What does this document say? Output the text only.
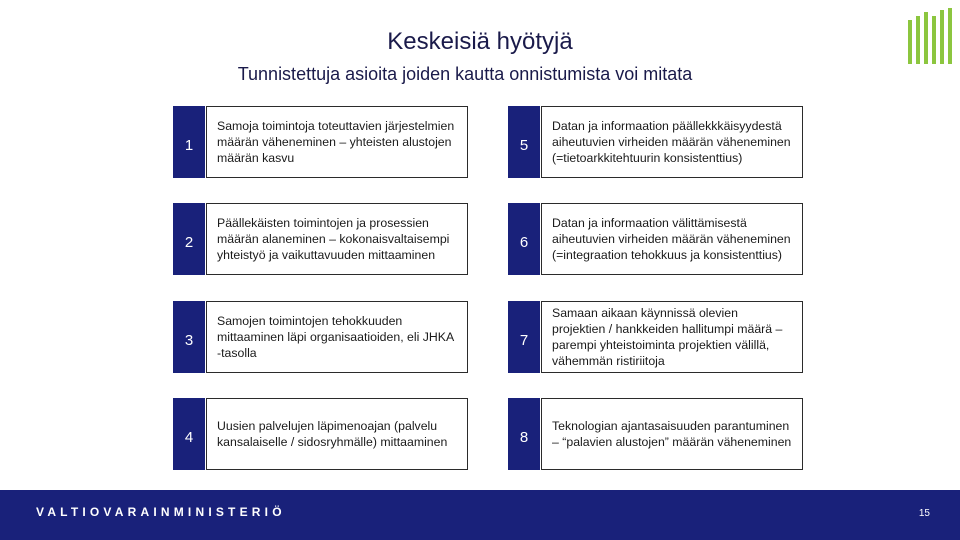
Keskeisiä hyötyjä
Tunnistettuja asioita joiden kautta onnistumista voi mitata
1
Samoja toimintoja toteuttavien järjestelmien määrän väheneminen – yhteisten alustojen määrän kasvu
2
Päällekäisten toimintojen ja prosessien määrän alaneminen – kokonaisvaltaisempi yhteistyö ja vaikuttavuuden mittaaminen
3
Samojen toimintojen tehokkuuden mittaaminen läpi organisaatioiden, eli JHKA -tasolla
4
Uusien palvelujen läpimenoajan (palvelu kansalaiselle / sidosryhmälle) mittaaminen
5
Datan ja informaation päällekkkäisyydestä aiheutuvien virheiden määrän väheneminen (=tietoarkkitehtuurin konsistenttius)
6
Datan ja informaation välittämisestä aiheutuvien virheiden määrän väheneminen (=integraation tehokkuus ja konsistenttius)
7
Samaan aikaan käynnissä olevien projektien / hankkeiden hallitumpi määrä – parempi yhteistoiminta projektien välillä, vähemmän ristiriitoja
8
Teknologian ajantasaisuuden parantuminen – “palavien alustojen” määrän väheneminen
VALTIOVARAINMINISTERIÖ	15
